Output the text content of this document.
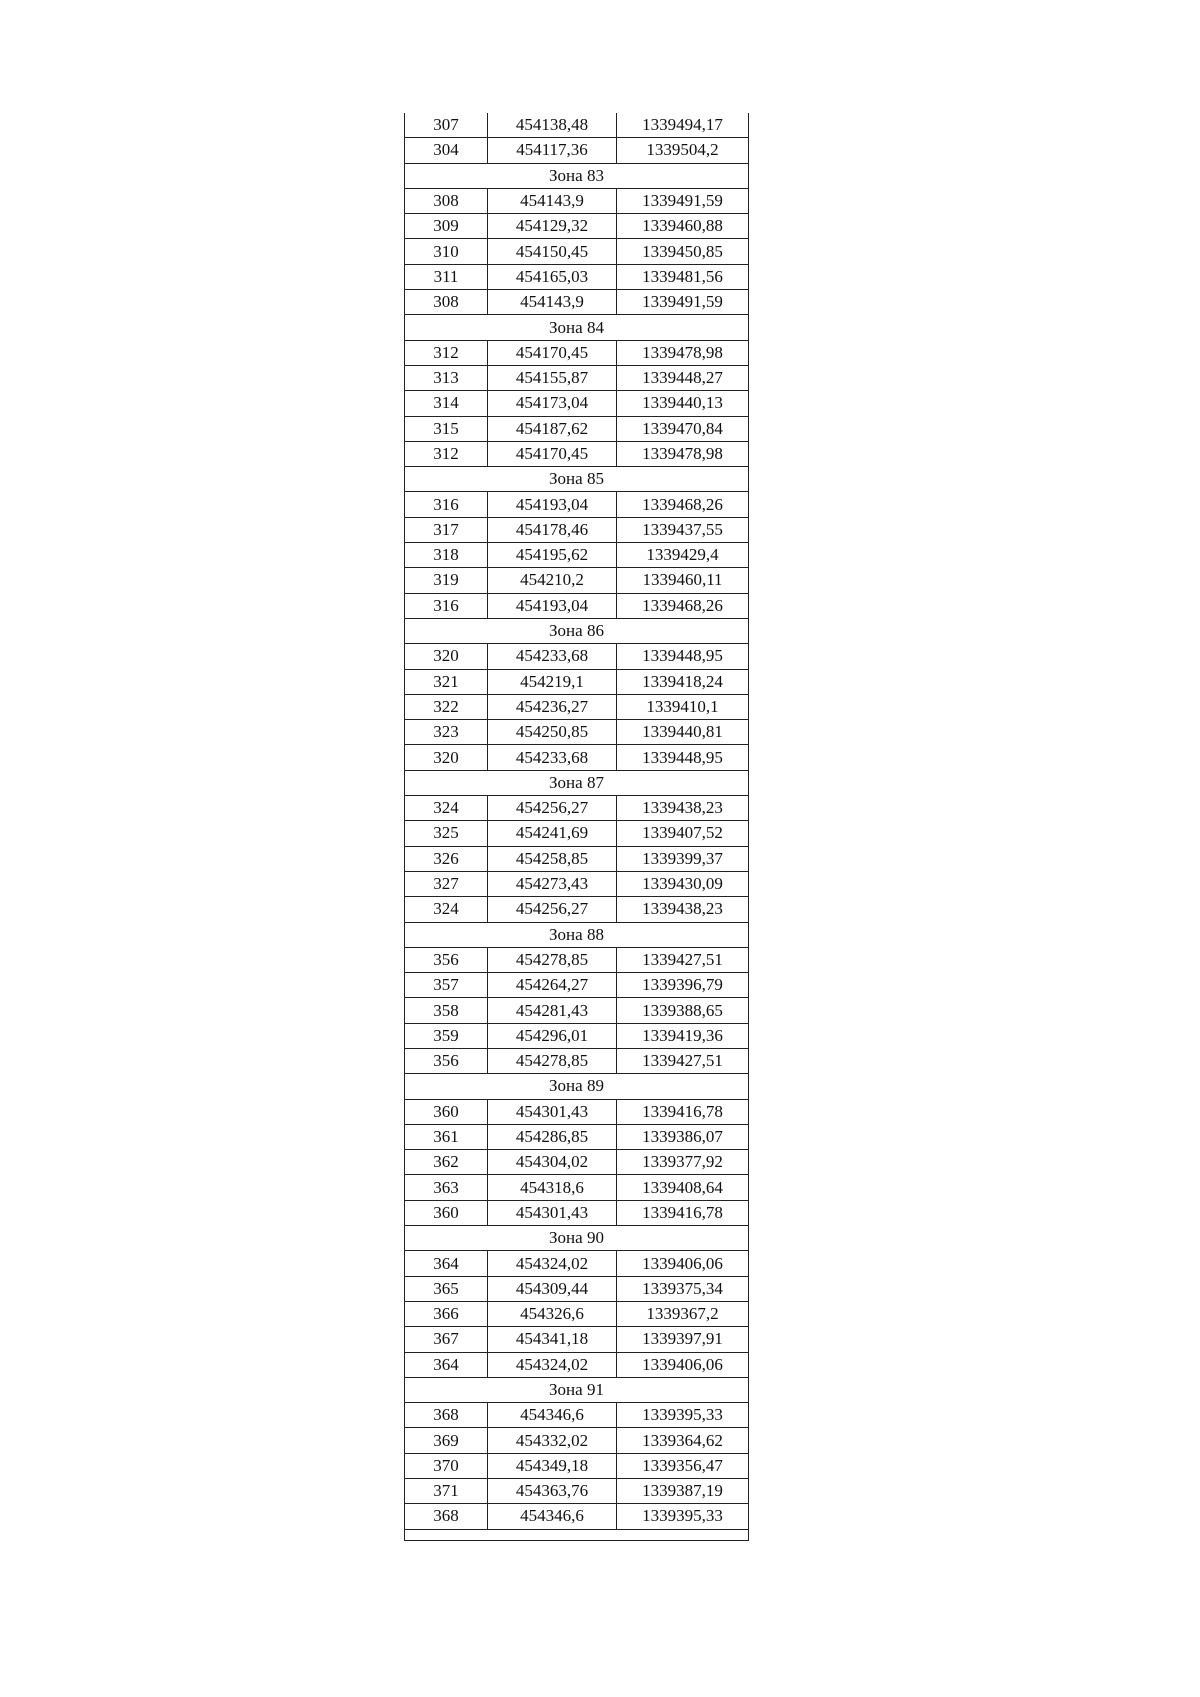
307	454138,48	1339494,17
304	454117,36	1339504,2
Зона 83		
308	454143,9	1339491,59
309	454129,32	1339460,88
310	454150,45	1339450,85
311	454165,03	1339481,56
308	454143,9	1339491,59
Зона 84		
312	454170,45	1339478,98
313	454155,87	1339448,27
314	454173,04	1339440,13
315	454187,62	1339470,84
312	454170,45	1339478,98
Зона 85		
316	454193,04	1339468,26
317	454178,46	1339437,55
318	454195,62	1339429,4
319	454210,2	1339460,11
316	454193,04	1339468,26
Зона 86		
320	454233,68	1339448,95
321	454219,1	1339418,24
322	454236,27	1339410,1
323	454250,85	1339440,81
320	454233,68	1339448,95
Зона 87		
324	454256,27	1339438,23
325	454241,69	1339407,52
326	454258,85	1339399,37
327	454273,43	1339430,09
324	454256,27	1339438,23
Зона 88		
356	454278,85	1339427,51
357	454264,27	1339396,79
358	454281,43	1339388,65
359	454296,01	1339419,36
356	454278,85	1339427,51
Зона 89		
360	454301,43	1339416,78
361	454286,85	1339386,07
362	454304,02	1339377,92
363	454318,6	1339408,64
360	454301,43	1339416,78
Зона 90		
364	454324,02	1339406,06
365	454309,44	1339375,34
366	454326,6	1339367,2
367	454341,18	1339397,91
364	454324,02	1339406,06
Зона 91		
368	454346,6	1339395,33
369	454332,02	1339364,62
370	454349,18	1339356,47
371	454363,76	1339387,19
368	454346,6	1339395,33
